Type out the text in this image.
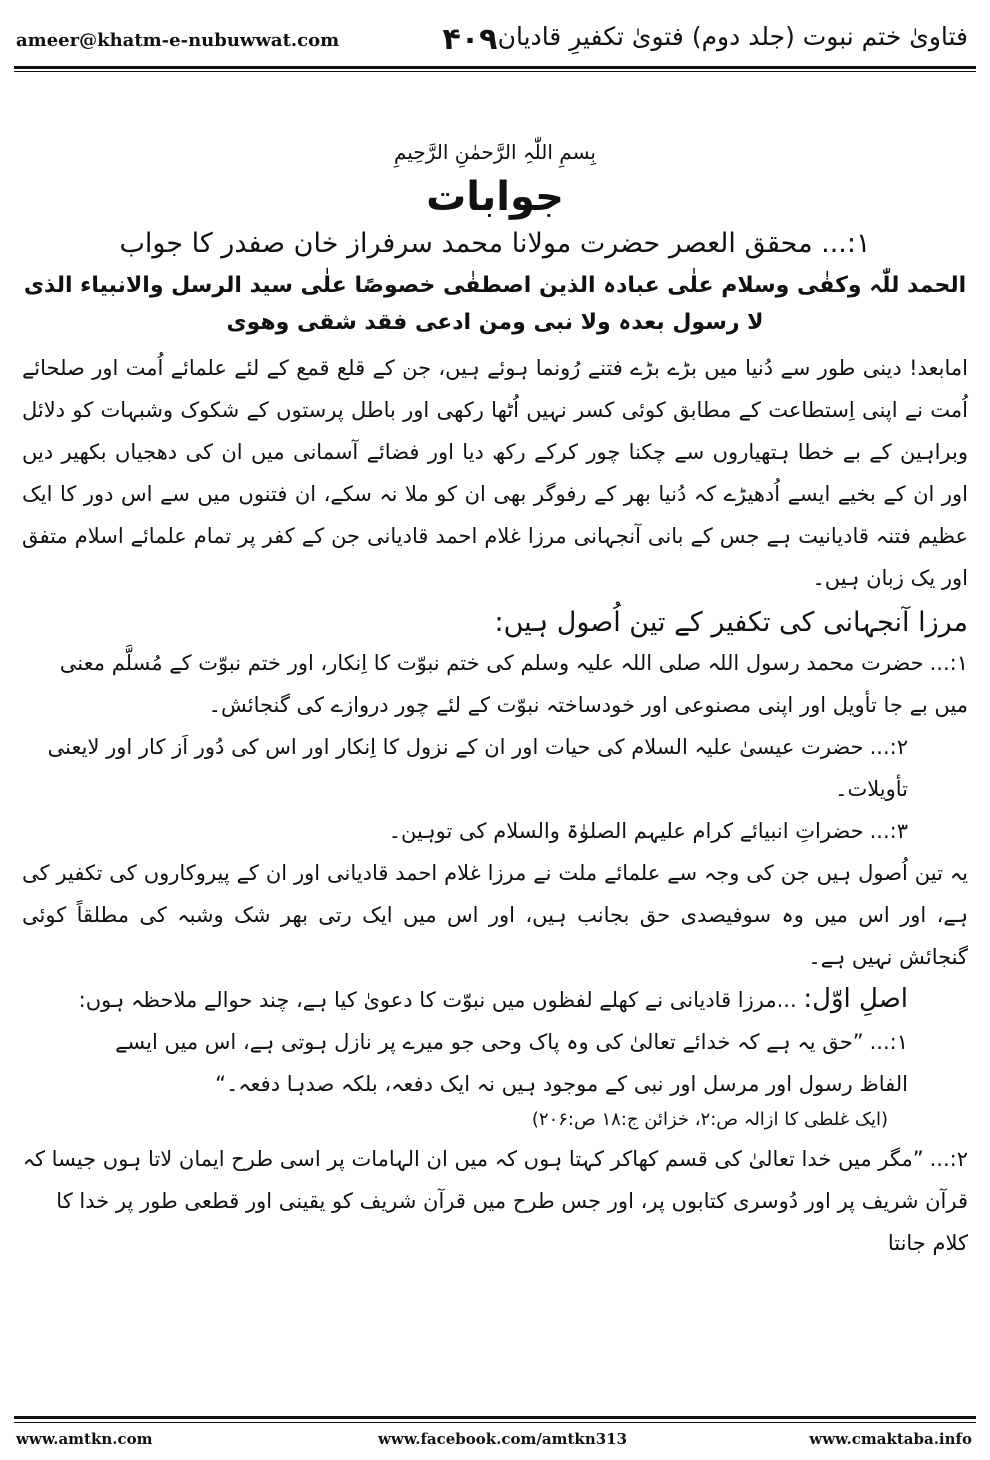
ameer@khatm-e-nubuwwat.com	۴۰۹ فتاویٰ ختم نبوت (جلد دوم) فتویٰ تکفیرِ قادیان
بِسمِ اللّٰہِ الرَّحمٰنِ الرَّحِیمِ
جوابات
۱:... محقق العصر حضرت مولانا محمد سرفراز خان صفدر کا جواب
الحمد للّٰہ وکفٰی وسلام علٰی عبادہ الذین اصطفٰی خصوصًا علٰی سید الرسل والانبیاء الذی
لا رسول بعدہ ولا نبی ومن ادعی فقد شقی وھوی

امابعد! دینی طور سے دُنیا میں بڑے بڑے فتنے رُونما ہوئے ہیں، جن کے قلع قمع کے لئے علمائے اُمت اور صلحائے اُمت نے اپنی اِستطاعت کے مطابق کوئی کسر نہیں اُٹھا رکھی اور باطل پرستوں کے شکوک وشبہات کو دلائل وبراہین کے بے خطا ہتھیاروں سے چکنا چور کرکے رکھ دیا اور فضائے آسمانی میں ان کی دھجیاں بکھیر دیں اور ان کے بخیے ایسے اُدھیڑے کہ دُنیا بھر کے رفوگر بھی ان کو ملا نہ سکے، ان فتنوں میں سے اس دور کا ایک عظیم فتنہ قادیانیت ہے جس کے بانی آنجہانی مرزا غلام احمد قادیانی جن کے کفر پر تمام علمائے اسلام متفق اور یک زبان ہیں۔

مرزا آنجہانی کی تکفیر کے تین اُصول ہیں:

۱:...حضرت محمد رسول اللہ صلی اللہ علیہ وسلم کی ختم نبوّت کا اِنکار، اور ختم نبوّت کے مُسلَّم معنی میں بے جا تأویل اور اپنی مصنوعی اور خودساختہ نبوّت کے لئے چور دروازے کی گنجائش۔

۲:...حضرت عیسیٰ علیہ السلام کی حیات اور ان کے نزول کا اِنکار اور اس کی دُور اَز کار اور لایعنی تأویلات۔

۳:...حضراتِ انبیائے کرام علیہم الصلوٰۃ والسلام کی توہین۔

یہ تین اُصول ہیں جن کی وجہ سے علمائے ملت نے مرزا غلام احمد قادیانی اور ان کے پیروکاروں کی تکفیر کی ہے، اور اس میں وہ سوفیصدی حق بجانب ہیں، اور اس میں ایک رتی بھر شک وشبہ کی مطلقاً کوئی گنجائش نہیں ہے۔

اصلِ اوّل: ...مرزا قادیانی نے کھلے لفظوں میں نبوّت کا دعویٰ کیا ہے، چند حوالے ملاحظہ ہوں:

۱:...”حق یہ ہے کہ خدائے تعالیٰ کی وہ پاک وحی جو میرے پر نازل ہوتی ہے، اس میں ایسے الفاظ رسول اور مرسل اور نبی کے موجود ہیں نہ ایک دفعہ، بلکہ صدہا دفعہ۔“

(ایک غلطی کا ازالہ ص:۲، خزائن ج:۱۸ ص:۲۰۶)

۲:...”مگر میں خدا تعالیٰ کی قسم کھاکر کہتا ہوں کہ میں ان الہامات پر اسی طرح ایمان لاتا ہوں جیسا کہ قرآن شریف پر اور دُوسری کتابوں پر، اور جس طرح میں قرآن شریف کو یقینی اور قطعی طور پر خدا کا کلام جانتا

www.amtkn.com	www.facebook.com/amtkn313	www.cmaktaba.info
